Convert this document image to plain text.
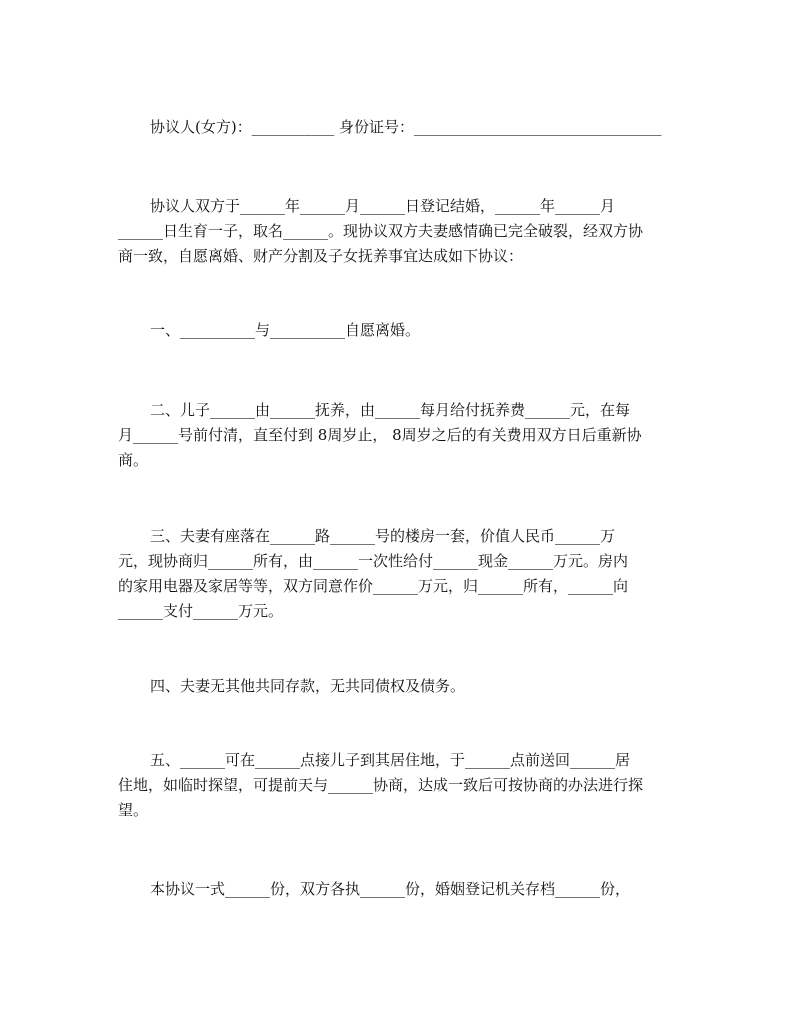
协议人(女方)：___________ 身份证号：_________________________________
协议人双方于______年______月______日登记结婚，______年______月
______日生育一子，取名______。现协议双方夫妻感情确已完全破裂，经双方协
商一致，自愿离婚、财产分割及子女抚养事宜达成如下协议：
一、__________与__________自愿离婚。
二、儿子______由______抚养，由______每月给付抚养费______元，在每
月______号前付清，直至付到 8周岁止， 8周岁之后的有关费用双方日后重新协
商。
三、夫妻有座落在______路______号的楼房一套，价值人民币______万
元，现协商归______所有，由______一次性给付______现金______万元。房内
的家用电器及家居等等，双方同意作价______万元，归______所有，______向
______支付______万元。
四、夫妻无其他共同存款，无共同债权及债务。
五、______可在______点接儿子到其居住地，于______点前送回______居
住地，如临时探望，可提前天与______协商，达成一致后可按协商的办法进行探
望。
本协议一式______份，双方各执______份，婚姻登记机关存档______份，
